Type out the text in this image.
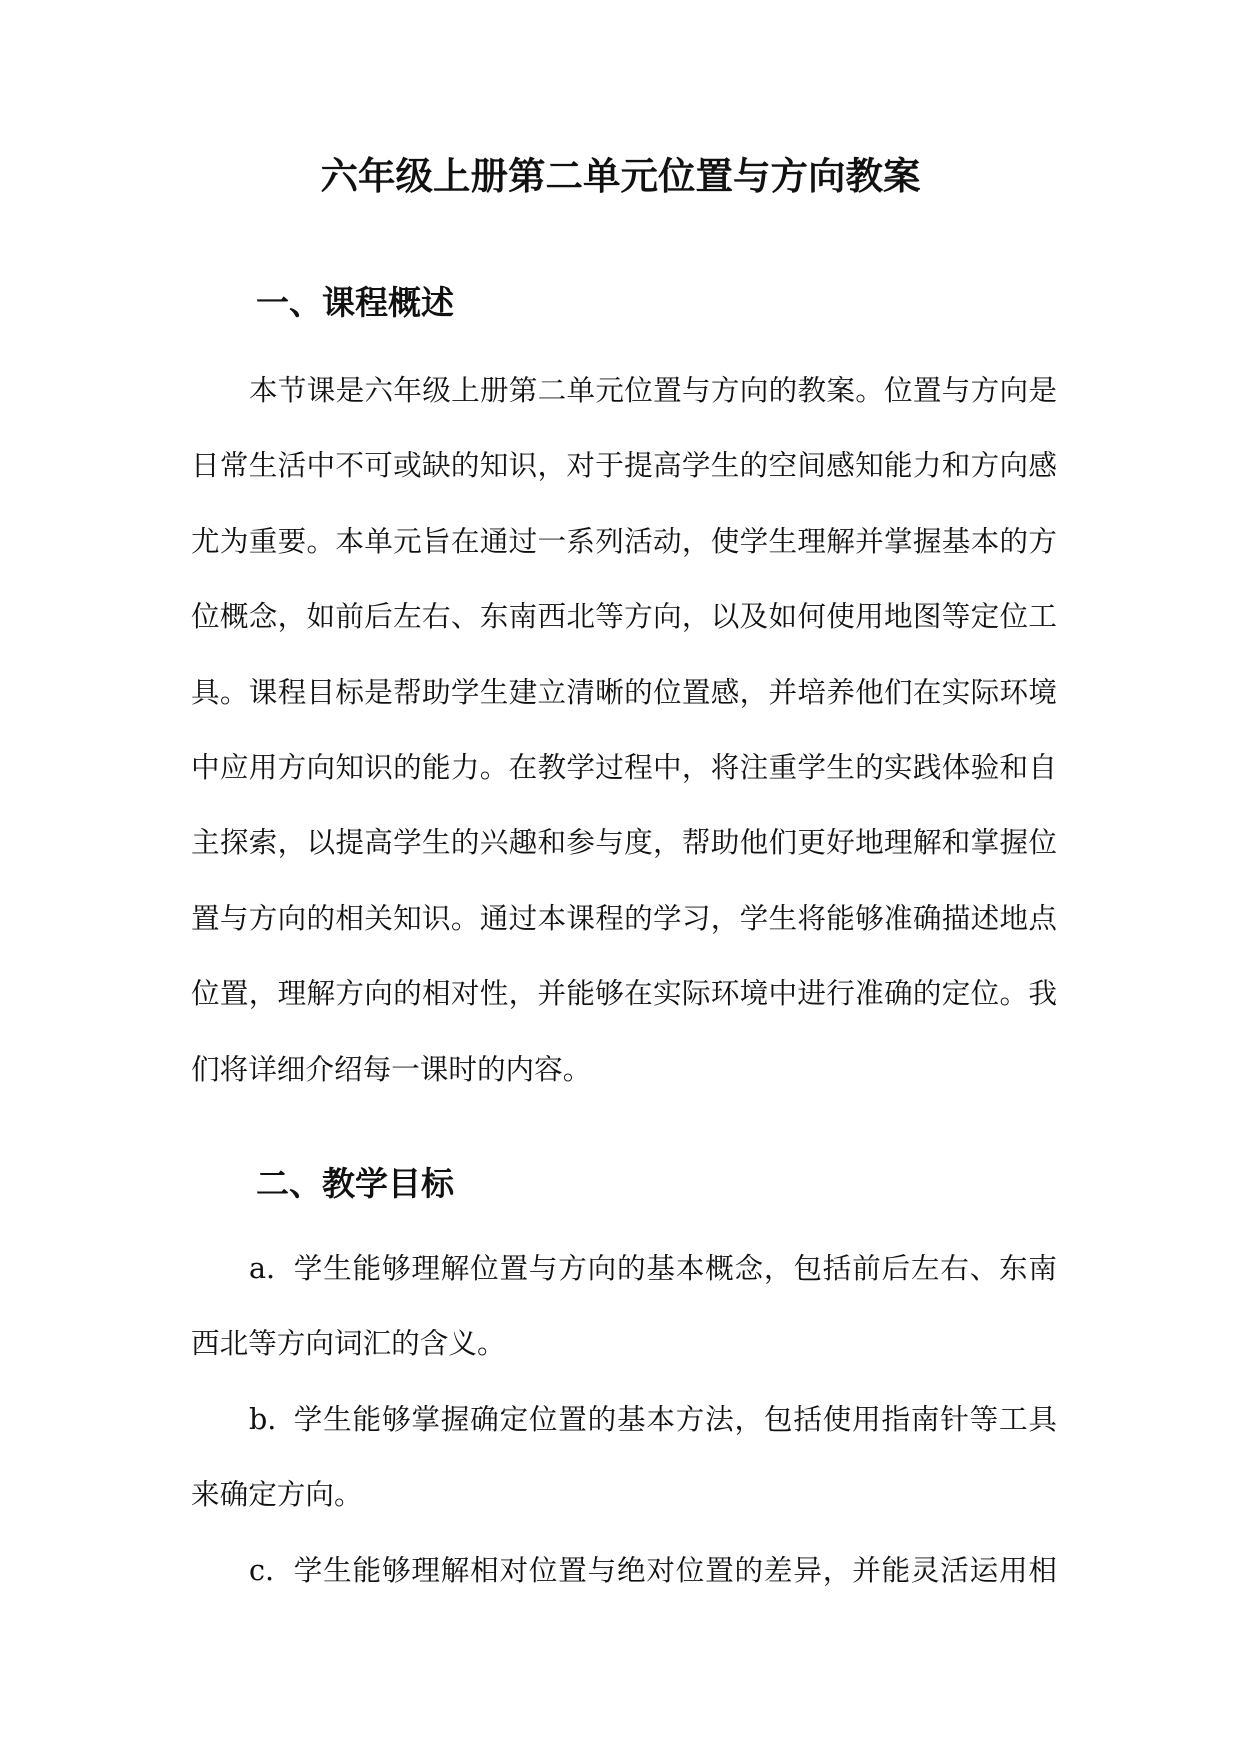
六年级上册第二单元位置与方向教案
一、课程概述
本节课是六年级上册第二单元位置与方向的教案。位置与方向是
日常生活中不可或缺的知识，对于提高学生的空间感知能力和方向感
尤为重要。本单元旨在通过一系列活动，使学生理解并掌握基本的方
位概念，如前后左右、东南西北等方向，以及如何使用地图等定位工
具。课程目标是帮助学生建立清晰的位置感，并培养他们在实际环境
中应用方向知识的能力。在教学过程中，将注重学生的实践体验和自
主探索，以提高学生的兴趣和参与度，帮助他们更好地理解和掌握位
置与方向的相关知识。通过本课程的学习，学生将能够准确描述地点
位置，理解方向的相对性，并能够在实际环境中进行准确的定位。我
们将详细介绍每一课时的内容。
二、教学目标
a. 学生能够理解位置与方向的基本概念，包括前后左右、东南
西北等方向词汇的含义。
b. 学生能够掌握确定位置的基本方法，包括使用指南针等工具
来确定方向。
c. 学生能够理解相对位置与绝对位置的差异，并能灵活运用相
